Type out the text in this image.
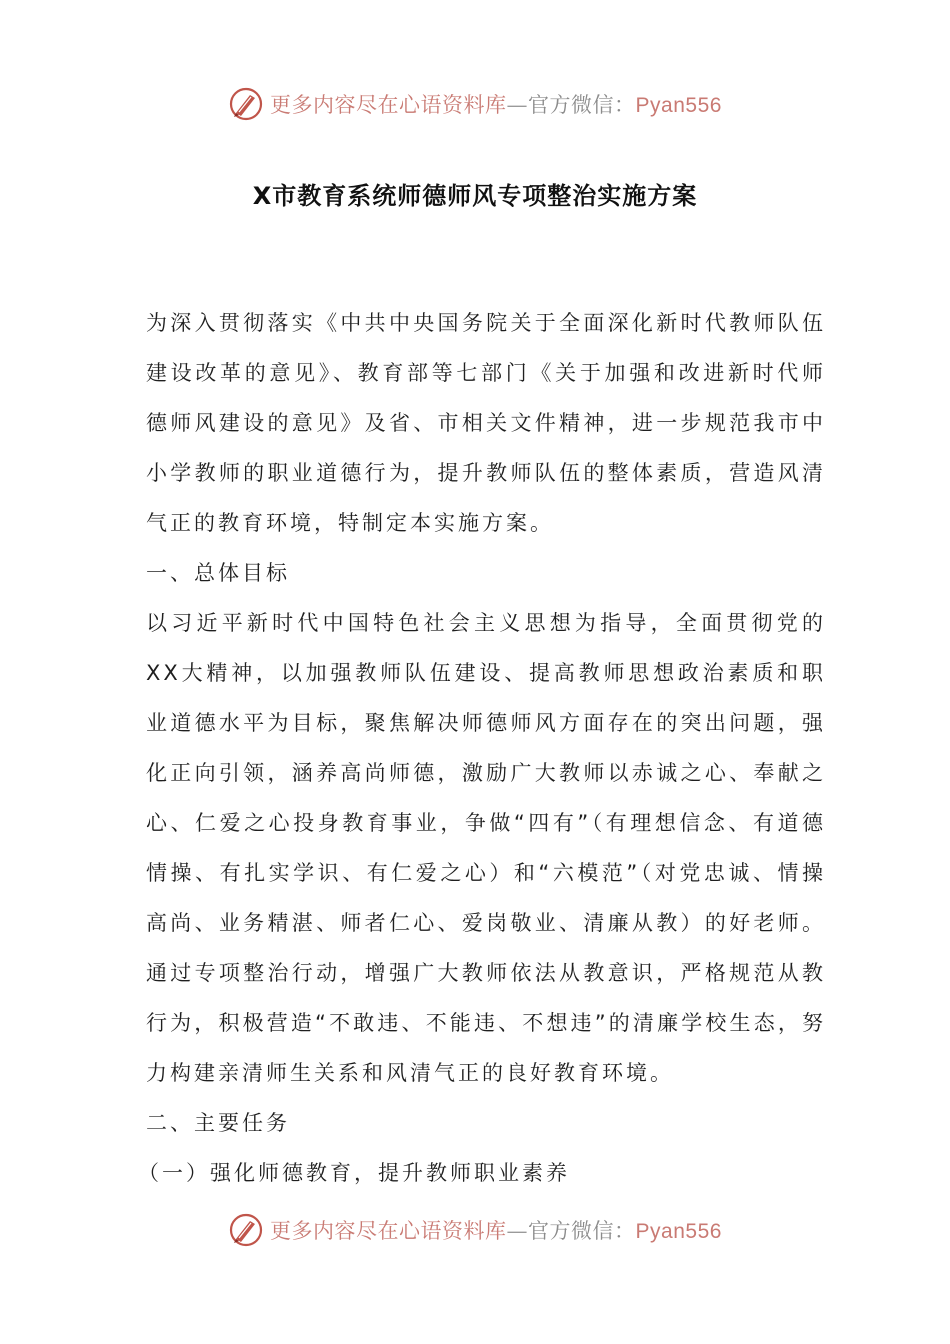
更多内容尽在心语资料库—官方微信：Pyan556
X市教育系统师德师风专项整治实施方案

为深入贯彻落实《中共中央国务院关于全面深化新时代教师队伍建设改革的意见》、教育部等七部门《关于加强和改进新时代师德师风建设的意见》及省、市相关文件精神，进一步规范我市中小学教师的职业道德行为，提升教师队伍的整体素质，营造风清气正的教育环境，特制定本实施方案。

一、总体目标

以习近平新时代中国特色社会主义思想为指导，全面贯彻党的XX大精神，以加强教师队伍建设、提高教师思想政治素质和职业道德水平为目标，聚焦解决师德师风方面存在的突出问题，强化正向引领，涵养高尚师德，激励广大教师以赤诚之心、奉献之心、仁爱之心投身教育事业，争做“四有”（有理想信念、有道德情操、有扎实学识、有仁爱之心）和“六模范”（对党忠诚、情操高尚、业务精湛、师者仁心、爱岗敬业、清廉从教）的好老师。通过专项整治行动，增强广大教师依法从教意识，严格规范从教行为，积极营造“不敢违、不能违、不想违”的清廉学校生态，努力构建亲清师生关系和风清气正的良好教育环境。

二、主要任务

（一）强化师德教育，提升教师职业素养

更多内容尽在心语资料库—官方微信：Pyan556
